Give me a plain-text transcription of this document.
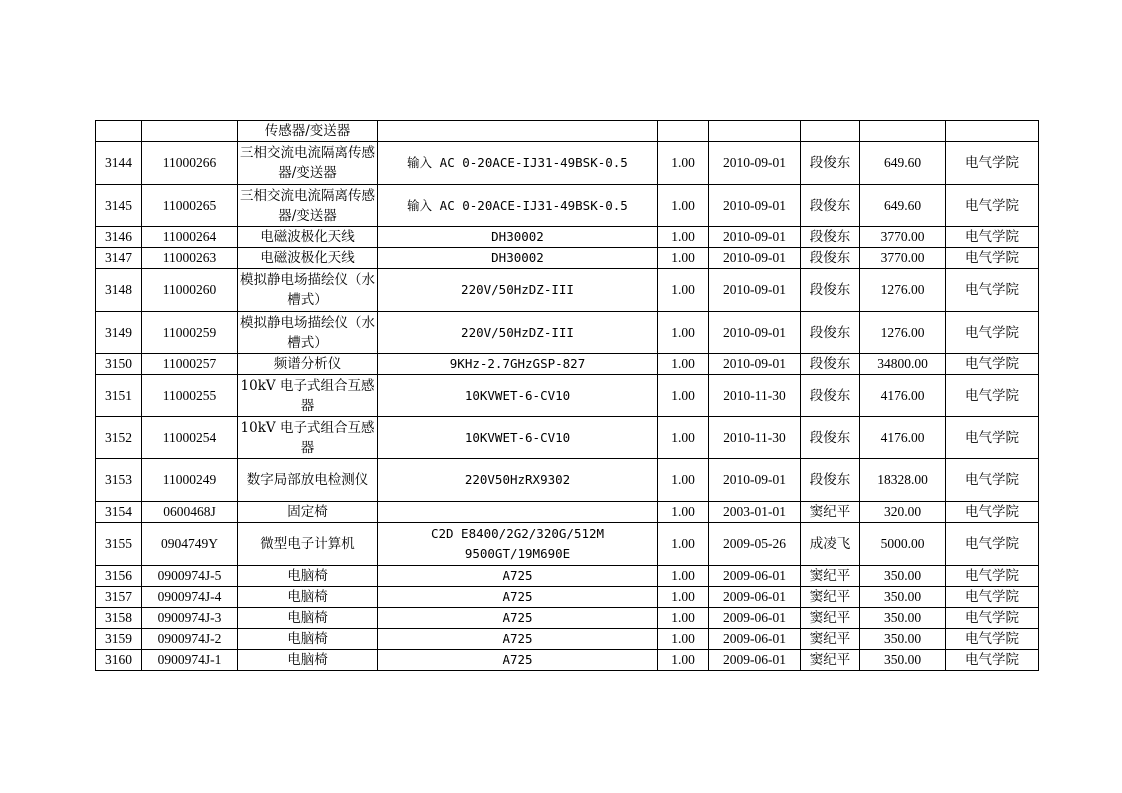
		传感器/变送器						
3144	11000266	三相交流电流隔离传感器/变送器	输入 AC 0-20ACE-IJ31-49BSK-0.5	1.00	2010-09-01	段俊东	649.60	电气学院
3145	11000265	三相交流电流隔离传感器/变送器	输入 AC 0-20ACE-IJ31-49BSK-0.5	1.00	2010-09-01	段俊东	649.60	电气学院
3146	11000264	电磁波极化天线	DH30002	1.00	2010-09-01	段俊东	3770.00	电气学院
3147	11000263	电磁波极化天线	DH30002	1.00	2010-09-01	段俊东	3770.00	电气学院
3148	11000260	模拟静电场描绘仪（水槽式）	220V/50HzDZ-III	1.00	2010-09-01	段俊东	1276.00	电气学院
3149	11000259	模拟静电场描绘仪（水槽式）	220V/50HzDZ-III	1.00	2010-09-01	段俊东	1276.00	电气学院
3150	11000257	频谱分析仪	9KHz-2.7GHzGSP-827	1.00	2010-09-01	段俊东	34800.00	电气学院
3151	11000255	10kV 电子式组合互感器	10KVWET-6-CV10	1.00	2010-11-30	段俊东	4176.00	电气学院
3152	11000254	10kV 电子式组合互感器	10KVWET-6-CV10	1.00	2010-11-30	段俊东	4176.00	电气学院
3153	11000249	数字局部放电检测仪	220V50HzRX9302	1.00	2010-09-01	段俊东	18328.00	电气学院
3154	0600468J	固定椅		1.00	2003-01-01	窦纪平	320.00	电气学院
3155	0904749Y	微型电子计算机	C2D E8400/2G2/320G/512M 9500GT/19M690E	1.00	2009-05-26	成凌飞	5000.00	电气学院
3156	0900974J-5	电脑椅	A725	1.00	2009-06-01	窦纪平	350.00	电气学院
3157	0900974J-4	电脑椅	A725	1.00	2009-06-01	窦纪平	350.00	电气学院
3158	0900974J-3	电脑椅	A725	1.00	2009-06-01	窦纪平	350.00	电气学院
3159	0900974J-2	电脑椅	A725	1.00	2009-06-01	窦纪平	350.00	电气学院
3160	0900974J-1	电脑椅	A725	1.00	2009-06-01	窦纪平	350.00	电气学院
